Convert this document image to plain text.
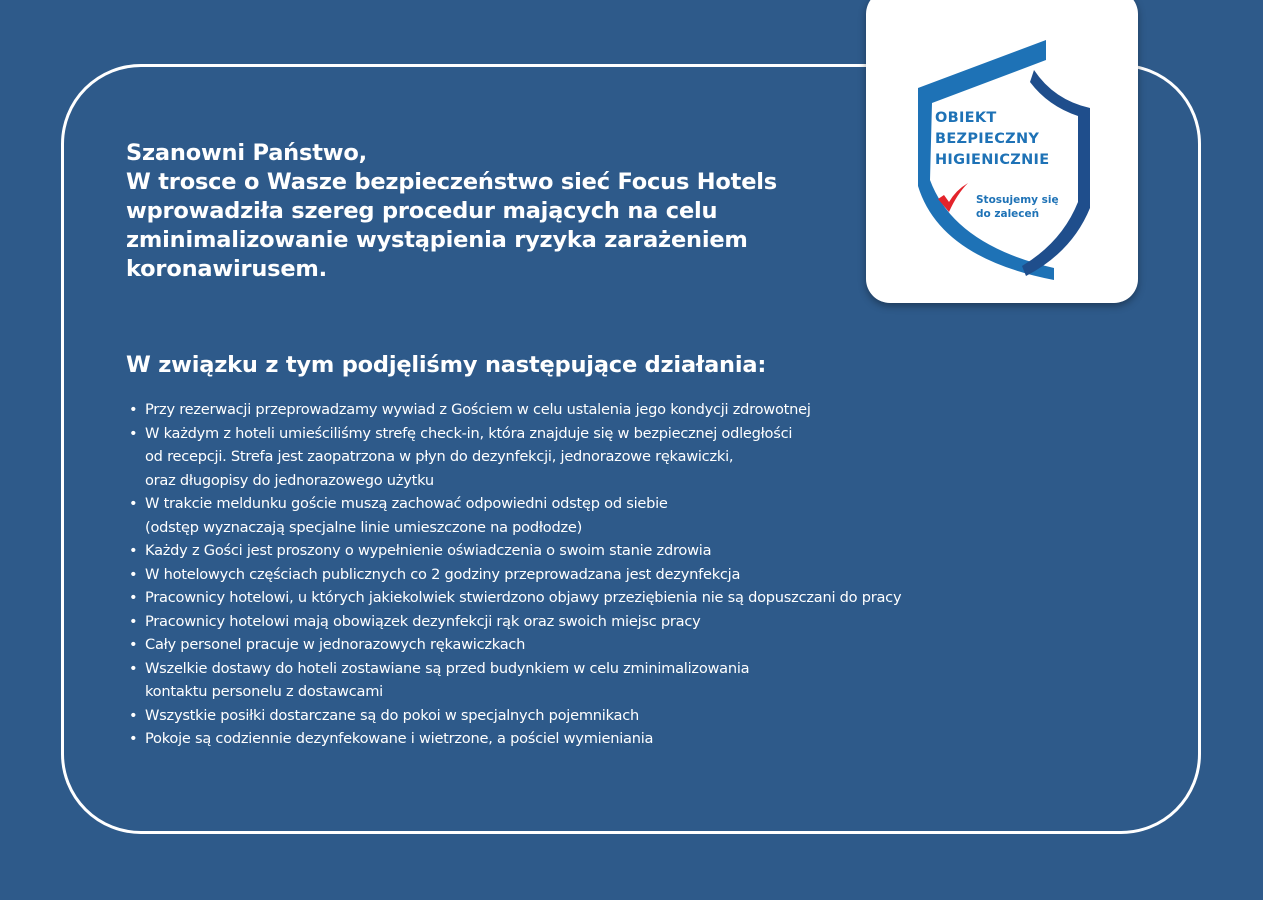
OBIEKT
BEZPIECZNY
HIGIENICZNIE
Stosujemy się
do zaleceń
Szanowni Państwo,
W trosce o Wasze bezpieczeństwo sieć Focus Hotels
wprowadziła szereg procedur mających na celu
zminimalizowanie wystąpienia ryzyka zarażeniem
koronawirusem.
W związku z tym podjęliśmy następujące działania:
• Przy rezerwacji przeprowadzamy wywiad z Gościem w celu ustalenia jego kondycji zdrowotnej
• W każdym z hoteli umieściliśmy strefę check-in, która znajduje się w bezpiecznej odległości
od recepcji. Strefa jest zaopatrzona w płyn do dezynfekcji, jednorazowe rękawiczki,
oraz długopisy do jednorazowego użytku
• W trakcie meldunku goście muszą zachować odpowiedni odstęp od siebie
(odstęp wyznaczają specjalne linie umieszczone na podłodze)
• Każdy z Gości jest proszony o wypełnienie oświadczenia o swoim stanie zdrowia
• W hotelowych częściach publicznych co 2 godziny przeprowadzana jest dezynfekcja
• Pracownicy hotelowi, u których jakiekolwiek stwierdzono objawy przeziębienia nie są dopuszczani do pracy
• Pracownicy hotelowi mają obowiązek dezynfekcji rąk oraz swoich miejsc pracy
• Cały personel pracuje w jednorazowych rękawiczkach
• Wszelkie dostawy do hoteli zostawiane są przed budynkiem w celu zminimalizowania
kontaktu personelu z dostawcami
• Wszystkie posiłki dostarczane są do pokoi w specjalnych pojemnikach
• Pokoje są codziennie dezynfekowane i wietrzone, a pościel wymieniania
